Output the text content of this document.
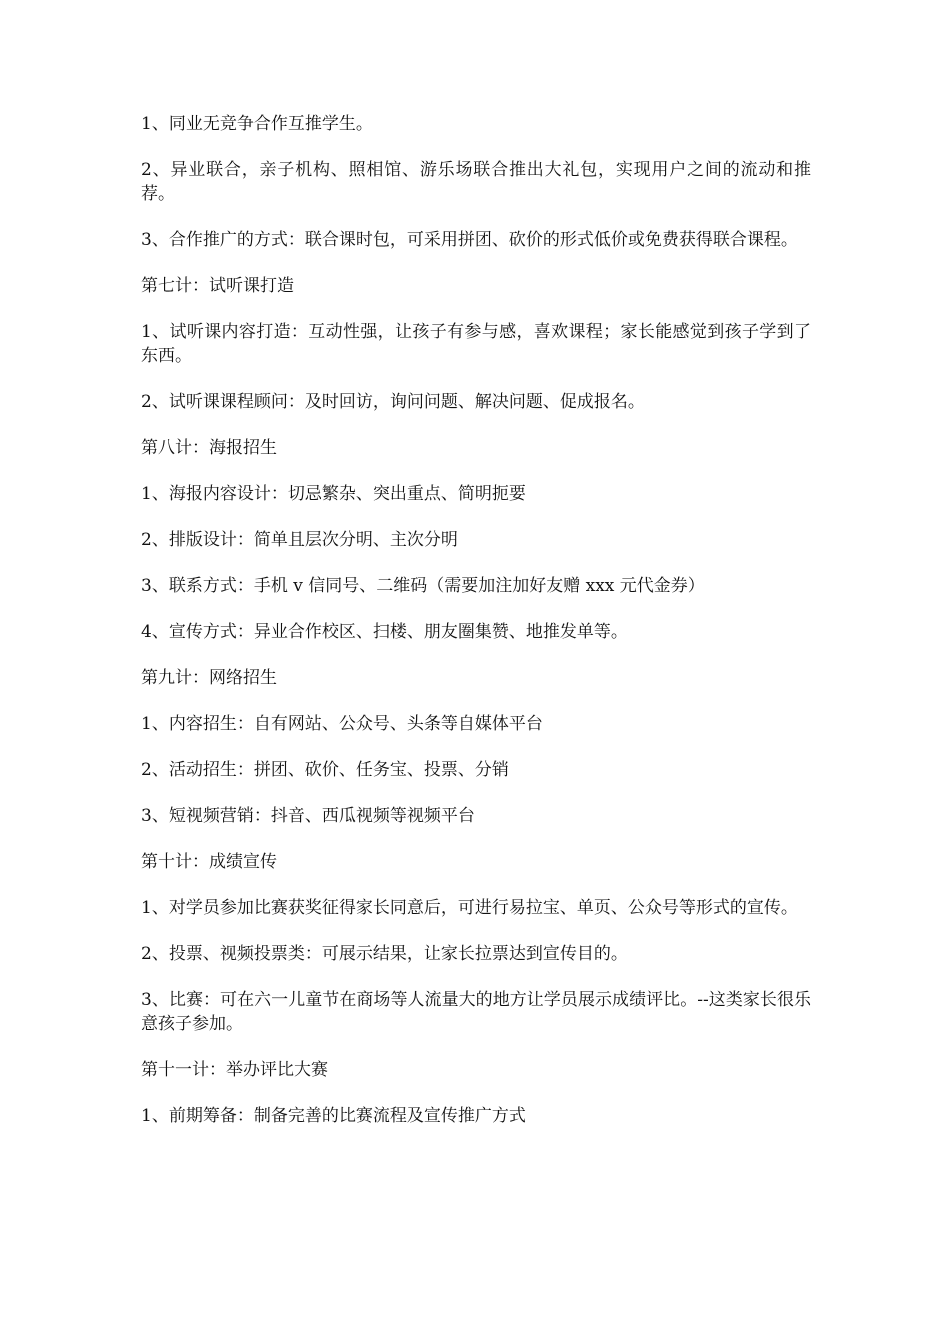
1、同业无竞争合作互推学生。

2、异业联合，亲子机构、照相馆、游乐场联合推出大礼包，实现用户之间的流动和推荐。

3、合作推广的方式：联合课时包，可采用拼团、砍价的形式低价或免费获得联合课程。

第七计：试听课打造

1、试听课内容打造：互动性强，让孩子有参与感，喜欢课程；家长能感觉到孩子学到了东西。

2、试听课课程顾问：及时回访，询问问题、解决问题、促成报名。

第八计：海报招生

1、海报内容设计：切忌繁杂、突出重点、简明扼要

2、排版设计：简单且层次分明、主次分明

3、联系方式：手机 v 信同号、二维码（需要加注加好友赠 xxx 元代金券）

4、宣传方式：异业合作校区、扫楼、朋友圈集赞、地推发单等。

第九计：网络招生

1、内容招生：自有网站、公众号、头条等自媒体平台

2、活动招生：拼团、砍价、任务宝、投票、分销

3、短视频营销：抖音、西瓜视频等视频平台

第十计：成绩宣传

1、对学员参加比赛获奖征得家长同意后，可进行易拉宝、单页、公众号等形式的宣传。

2、投票、视频投票类：可展示结果，让家长拉票达到宣传目的。

3、比赛：可在六一儿童节在商场等人流量大的地方让学员展示成绩评比。--这类家长很乐意孩子参加。

第十一计：举办评比大赛

1、前期筹备：制备完善的比赛流程及宣传推广方式
